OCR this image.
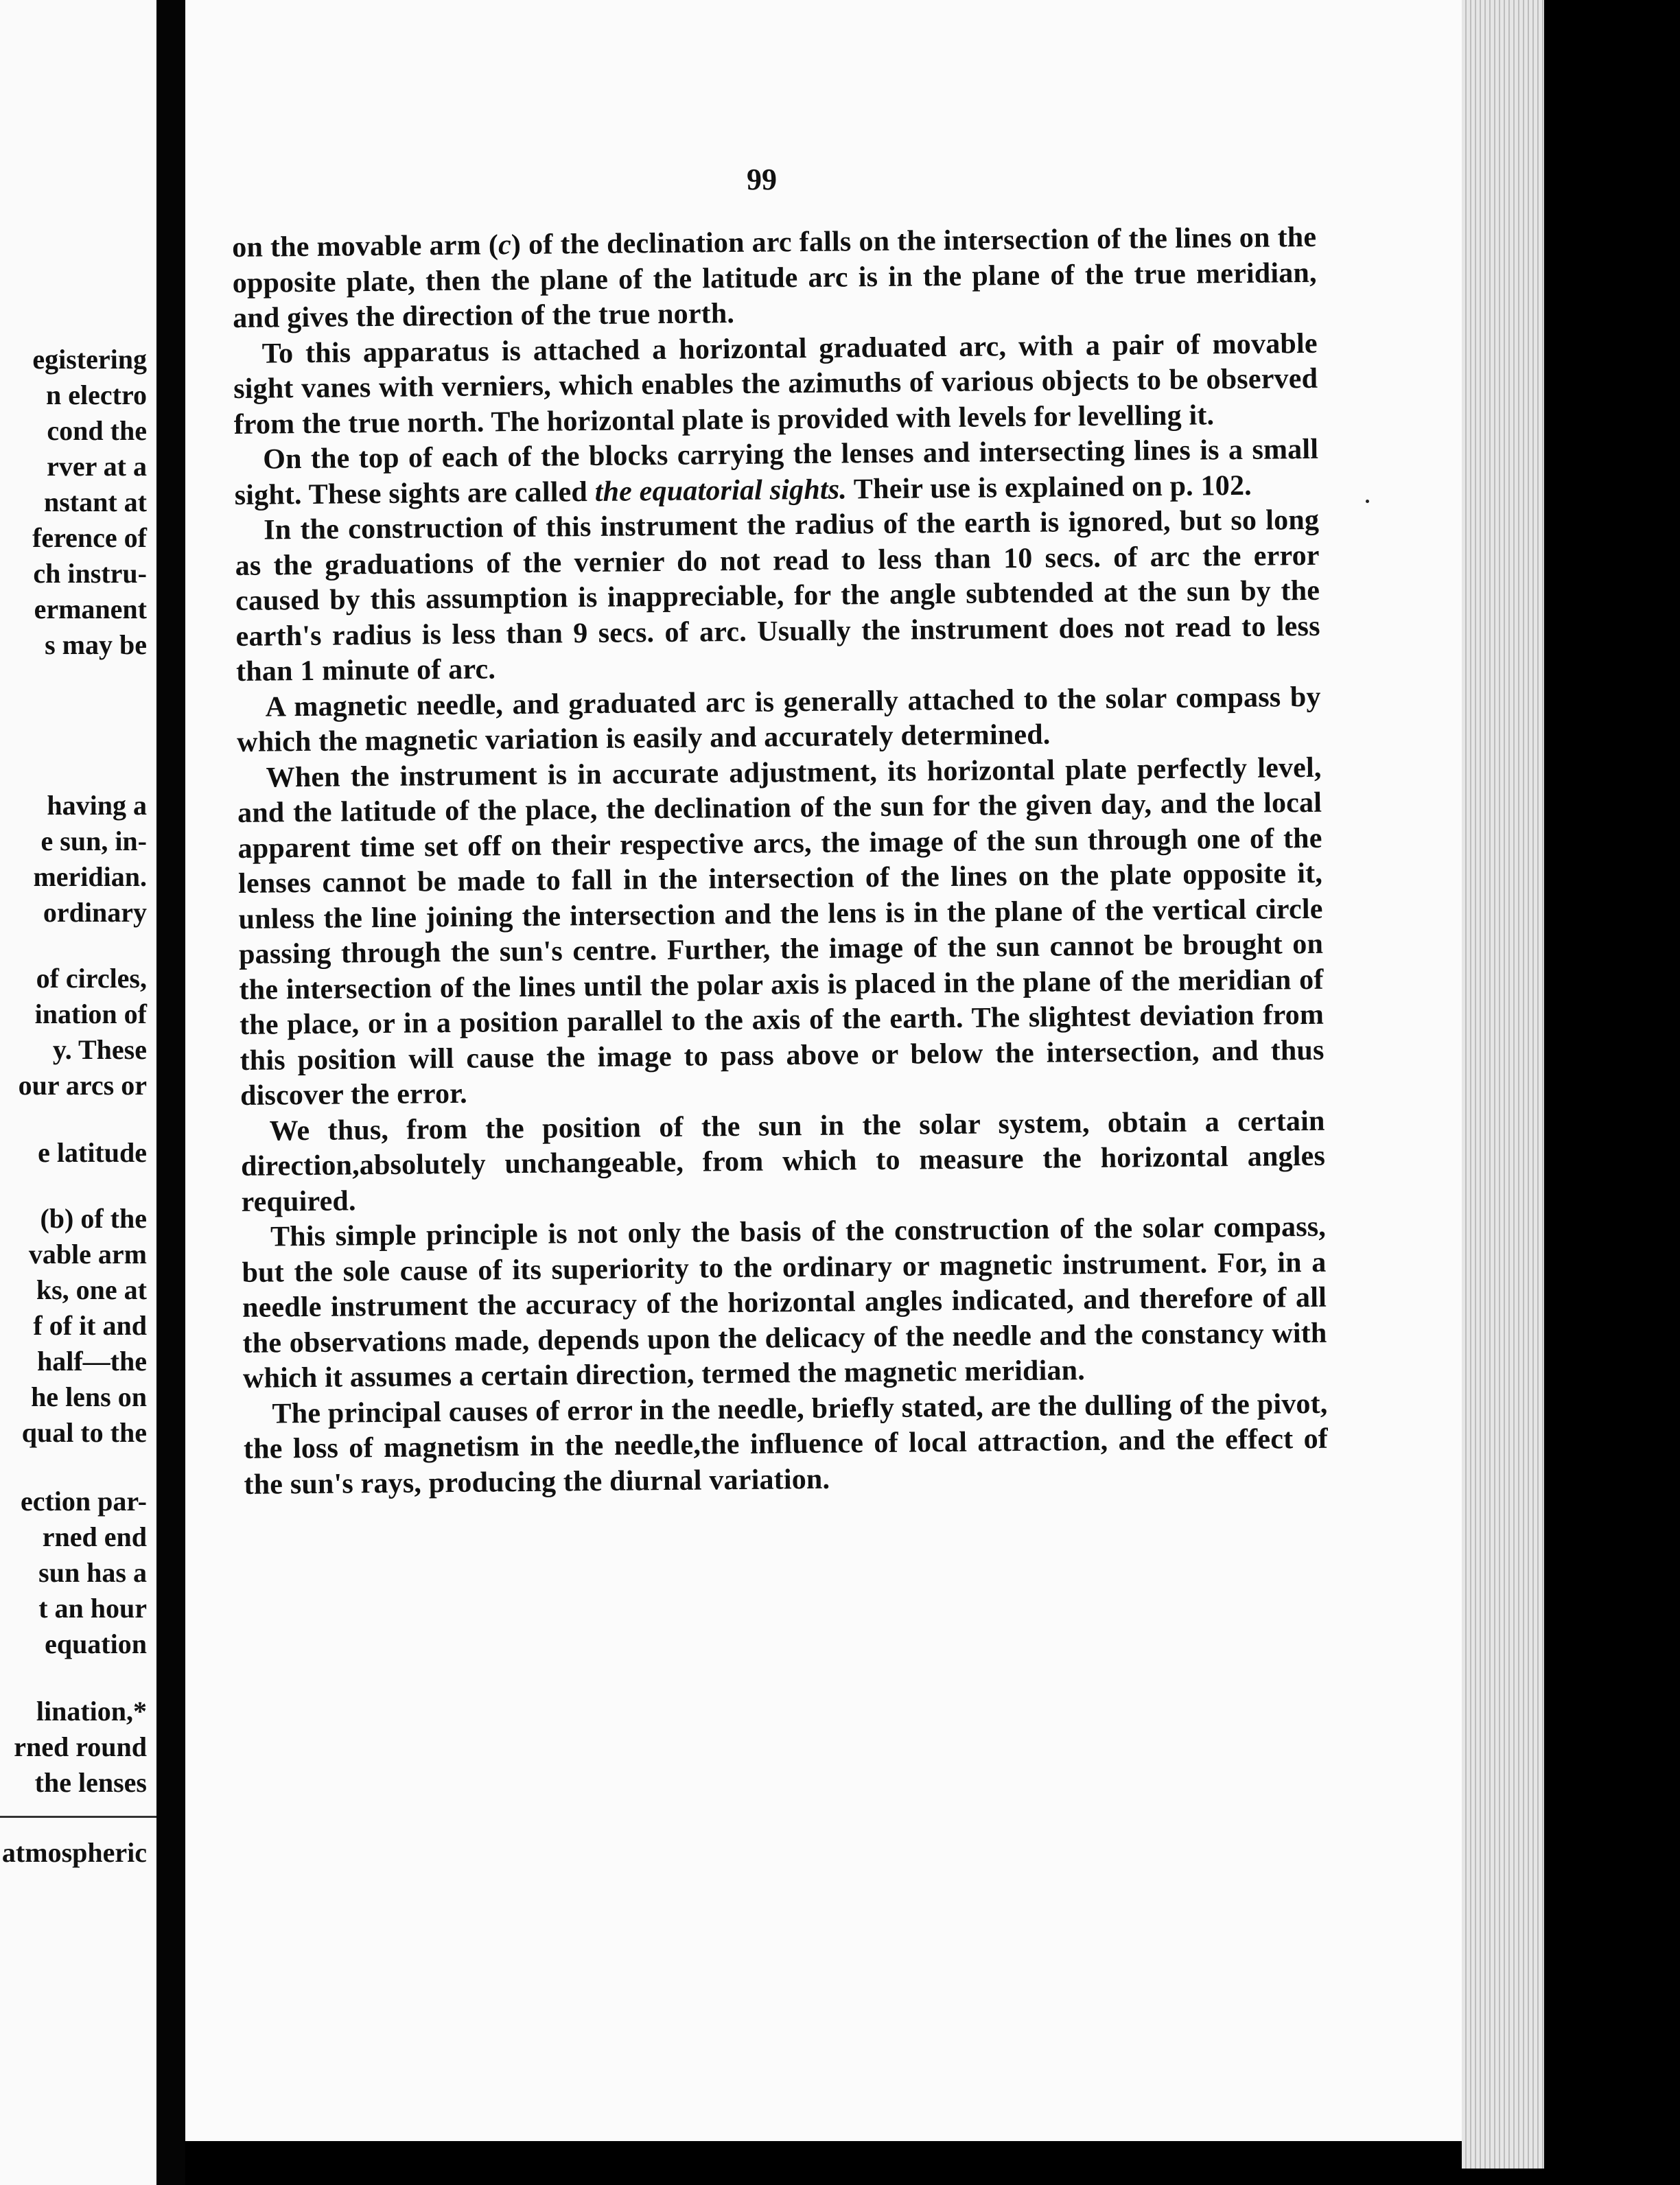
egistering
n electro
cond the
rver at a
nstant at
ference of
ch instru-
ermanent
s may be
having a
e sun, in-
meridian.
ordinary
of circles,
ination of
y. These
our arcs or
e latitude
(b) of the
vable arm
ks, one at
f of it and
half—the
he lens on
qual to the
ection par-
rned end
sun has a
t an hour
equation
lination,*
rned round
the lenses
atmospheric
99

on the movable arm (c) of the declination arc falls on the intersection of the lines on the opposite plate, then the plane of the latitude arc is in the plane of the true meridian, and gives the direction of the true north.

To this apparatus is attached a horizontal graduated arc, with a pair of movable sight vanes with verniers, which enables the azimuths of various objects to be observed from the true north. The horizontal plate is provided with levels for levelling it.

On the top of each of the blocks carrying the lenses and intersecting lines is a small sight. These sights are called the equatorial sights. Their use is explained on p. 102.

In the construction of this instrument the radius of the earth is ignored, but so long as the graduations of the vernier do not read to less than 10 secs. of arc the error caused by this assumption is inappreciable, for the angle subtended at the sun by the earth's radius is less than 9 secs. of arc. Usually the instrument does not read to less than 1 minute of arc.

A magnetic needle, and graduated arc is generally attached to the solar compass by which the magnetic variation is easily and accurately determined.

When the instrument is in accurate adjustment, its horizontal plate perfectly level, and the latitude of the place, the declination of the sun for the given day, and the local apparent time set off on their respective arcs, the image of the sun through one of the lenses cannot be made to fall in the intersection of the lines on the plate opposite it, unless the line joining the intersection and the lens is in the plane of the vertical circle passing through the sun's centre. Further, the image of the sun cannot be brought on the intersection of the lines until the polar axis is placed in the plane of the meridian of the place, or in a position parallel to the axis of the earth. The slightest deviation from this position will cause the image to pass above or below the intersection, and thus discover the error.

We thus, from the position of the sun in the solar system, obtain a certain direction,absolutely unchangeable, from which to measure the horizontal angles required.

This simple principle is not only the basis of the construction of the solar compass, but the sole cause of its superiority to the ordinary or magnetic instrument. For, in a needle instrument the accuracy of the horizontal angles indicated, and therefore of all the observations made, depends upon the delicacy of the needle and the constancy with which it assumes a certain direction, termed the magnetic meridian.

The principal causes of error in the needle, briefly stated, are the dulling of the pivot, the loss of magnetism in the needle,the influence of local attraction, and the effect of the sun's rays, producing the diurnal variation.
